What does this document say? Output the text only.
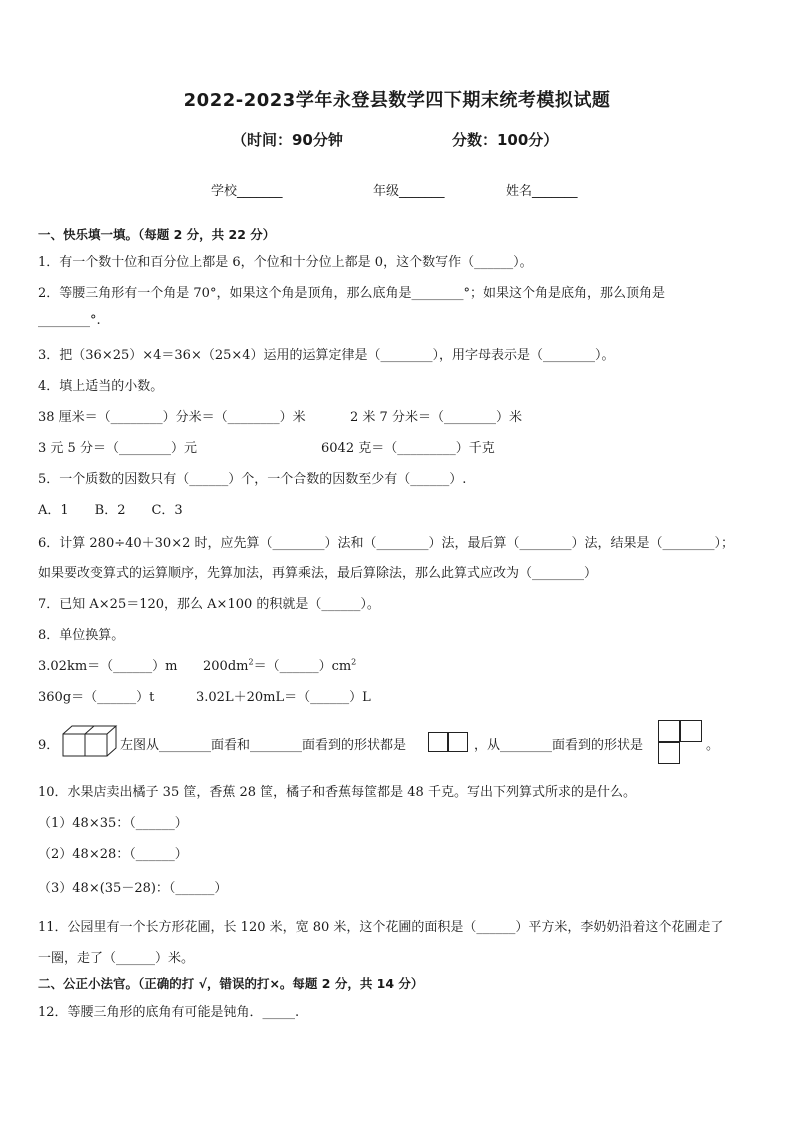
2022-2023学年永登县数学四下期末统考模拟试题
（时间：90分钟	分数：100分）
学校_______	年级_______	姓名_______
一、快乐填一填。（每题 2 分，共 22 分）
1．有一个数十位和百分位上都是 6，个位和十分位上都是 0，这个数写作（______）。
2．等腰三角形有一个角是 70°，如果这个角是顶角，那么底角是________°；如果这个角是底角，那么顶角是
________°.
3．把（36×25）×4＝36×（25×4）运用的运算定律是（________），用字母表示是（________）。
4．填上适当的小数。
38 厘米＝（________）分米＝（________）米	2 米 7 分米＝（________）米
3 元 5 分＝（________）元	6042 克＝（_________）千克
5．一个质数的因数只有（______）个，一个合数的因数至少有（______）.
A．1　　B．2　　C．3
6．计算 280÷40＋30×2 时，应先算（________）法和（________）法，最后算（________）法，结果是（________）；
如果要改变算式的运算顺序，先算加法，再算乘法，最后算除法，那么此算式应改为（________）
7．已知 A×25＝120，那么 A×100 的积就是（______）。
8．单位换算。
3.02km＝（______）m $200dm^2=(\_\_\_\_\_\_)cm^2$
360g＝（______）t	3.02L＋20mL＝（______）L
9．	左图从________面看和________面看到的形状都是	，从________面看到的形状是	。
10．水果店卖出橘子 35 筐，香蕉 28 筐，橘子和香蕉每筐都是 48 千克。写出下列算式所求的是什么。
（1）48×35：（______）
（2）48×28：（______）
（3）48×(35－28)：（______）
11．公园里有一个长方形花圃，长 120 米，宽 80 米，这个花圃的面积是（______）平方米，李奶奶沿着这个花圃走了
一圈，走了（______）米。
二、公正小法官。（正确的打 √，错误的打×。每题 2 分，共 14 分）
12．等腰三角形的底角有可能是钝角．_____.
